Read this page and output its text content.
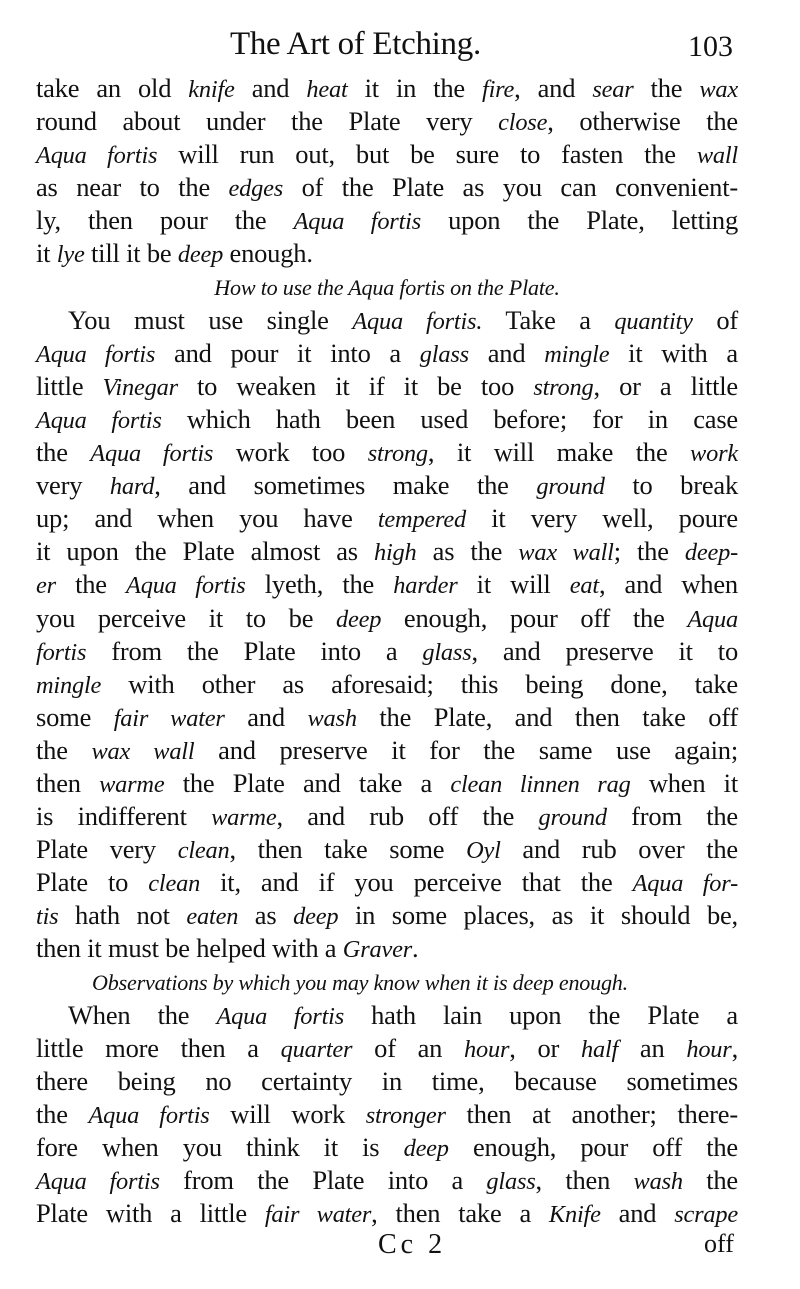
The Art of Etching.	103
take an old knife and heat it in the fire, and sear the wax
round about under the Plate very close, otherwise the
Aqua fortis will run out, but be sure to fasten the wall
as near to the edges of the Plate as you can convenient-
ly, then pour the Aqua fortis upon the Plate, letting
it lye till it be deep enough.
How to use the Aqua fortis on the Plate.
You must use single Aqua fortis. Take a quantity of
Aqua fortis and pour it into a glass and mingle it with a
little Vinegar to weaken it if it be too strong, or a little
Aqua fortis which hath been used before; for in case
the Aqua fortis work too strong, it will make the work
very hard, and sometimes make the ground to break
up; and when you have tempered it very well, poure
it upon the Plate almost as high as the wax wall; the deep-
er the Aqua fortis lyeth, the harder it will eat, and when
you perceive it to be deep enough, pour off the Aqua
fortis from the Plate into a glass, and preserve it to
mingle with other as aforesaid; this being done, take
some fair water and wash the Plate, and then take off
the wax wall and preserve it for the same use again;
then warme the Plate and take a clean linnen rag when it
is indifferent warme, and rub off the ground from the
Plate very clean, then take some Oyl and rub over the
Plate to clean it, and if you perceive that the Aqua for-
tis hath not eaten as deep in some places, as it should be,
then it must be helped with a Graver.
Observations by which you may know when it is deep enough.
When the Aqua fortis hath lain upon the Plate a
little more then a quarter of an hour, or half an hour,
there being no certainty in time, because sometimes
the Aqua fortis will work stronger then at another; there-
fore when you think it is deep enough, pour off the
Aqua fortis from the Plate into a glass, then wash the
Plate with a little fair water, then take a Knife and scrape
Cc 2	off
